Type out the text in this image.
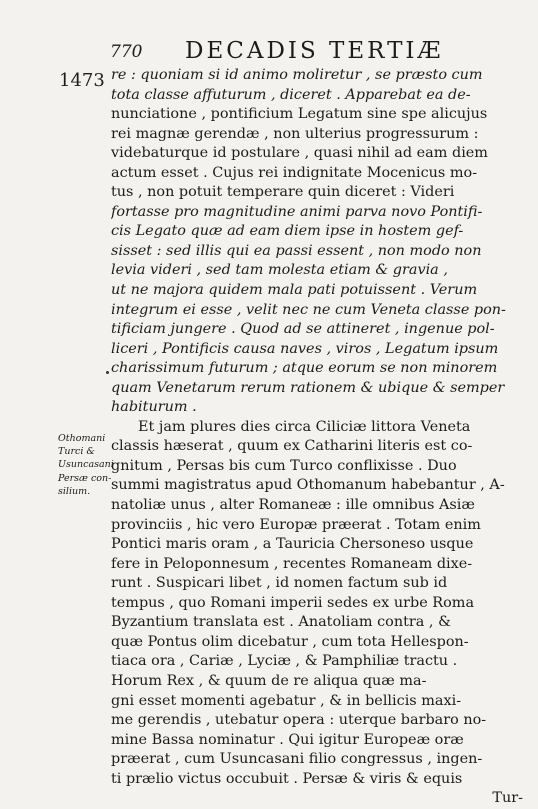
770 DECADIS TERTIÆ
1473 re : quoniam si id animo moliretur , se præsto cum
tota classe affuturum , diceret . Apparebat ea de-
nunciatione , pontificium Legatum sine spe alicujus
rei magnæ gerendæ , non ulterius progressurum :
videbaturque id postulare , quasi nihil ad eam diem
actum esset . Cujus rei indignitate Mocenicus mo-
tus , non potuit temperare quin diceret : Videri
fortasse pro magnitudine animi parva novo Pontifi-
cis Legato quæ ad eam diem ipse in hostem gef-
sisset : sed illis qui ea passi essent , non modo non
levia videri , sed tam molesta etiam & gravia ,
ut ne majora quidem mala pati potuissent . Verum
integrum ei esse , velit nec ne cum Veneta classe pon-
tificiam jungere . Quod ad se attineret , ingenue pol-
liceri , Pontificis causa naves , viros , Legatum ipsum
charissimum futurum ; atque eorum se non minorem
quam Venetarum rerum rationem & ubique & semper
habiturum .
Et jam plures dies circa Ciliciæ littora Veneta
classis hæserat , quum ex Catharini literis est co-
gnitum , Persas bis cum Turco conflixisse . Duo
summi magistratus apud Othomanum habebantur , A-
natoliæ unus , alter Romaneæ : ille omnibus Asiæ
provinciis , hic vero Europæ præerat . Totam enim
Pontici maris oram , a Tauricia Chersoneso usque
fere in Peloponnesum , recentes Romaneam dixe-
runt . Suspicari libet , id nomen factum sub id
tempus , quo Romani imperii sedes ex urbe Roma
Byzantium translata est . Anatoliam contra , &
quæ Pontus olim dicebatur , cum tota Hellespon-
tiaca ora , Cariæ , Lyciæ , & Pamphiliæ tractu .
Horum Rex , & quum de re aliqua quæ ma-
gni esset momenti agebatur , & in bellicis maxi-
me gerendis , utebatur opera : uterque barbaro no-
mine Bassa nominatur . Qui igitur Europeæ oræ
præerat , cum Usuncasani filio congressus , ingen-
ti prælio victus occubuit . Persæ & viris & equis
Tur-
Othomani
Turci &
Usuncasani
Persæ con-
silium.
